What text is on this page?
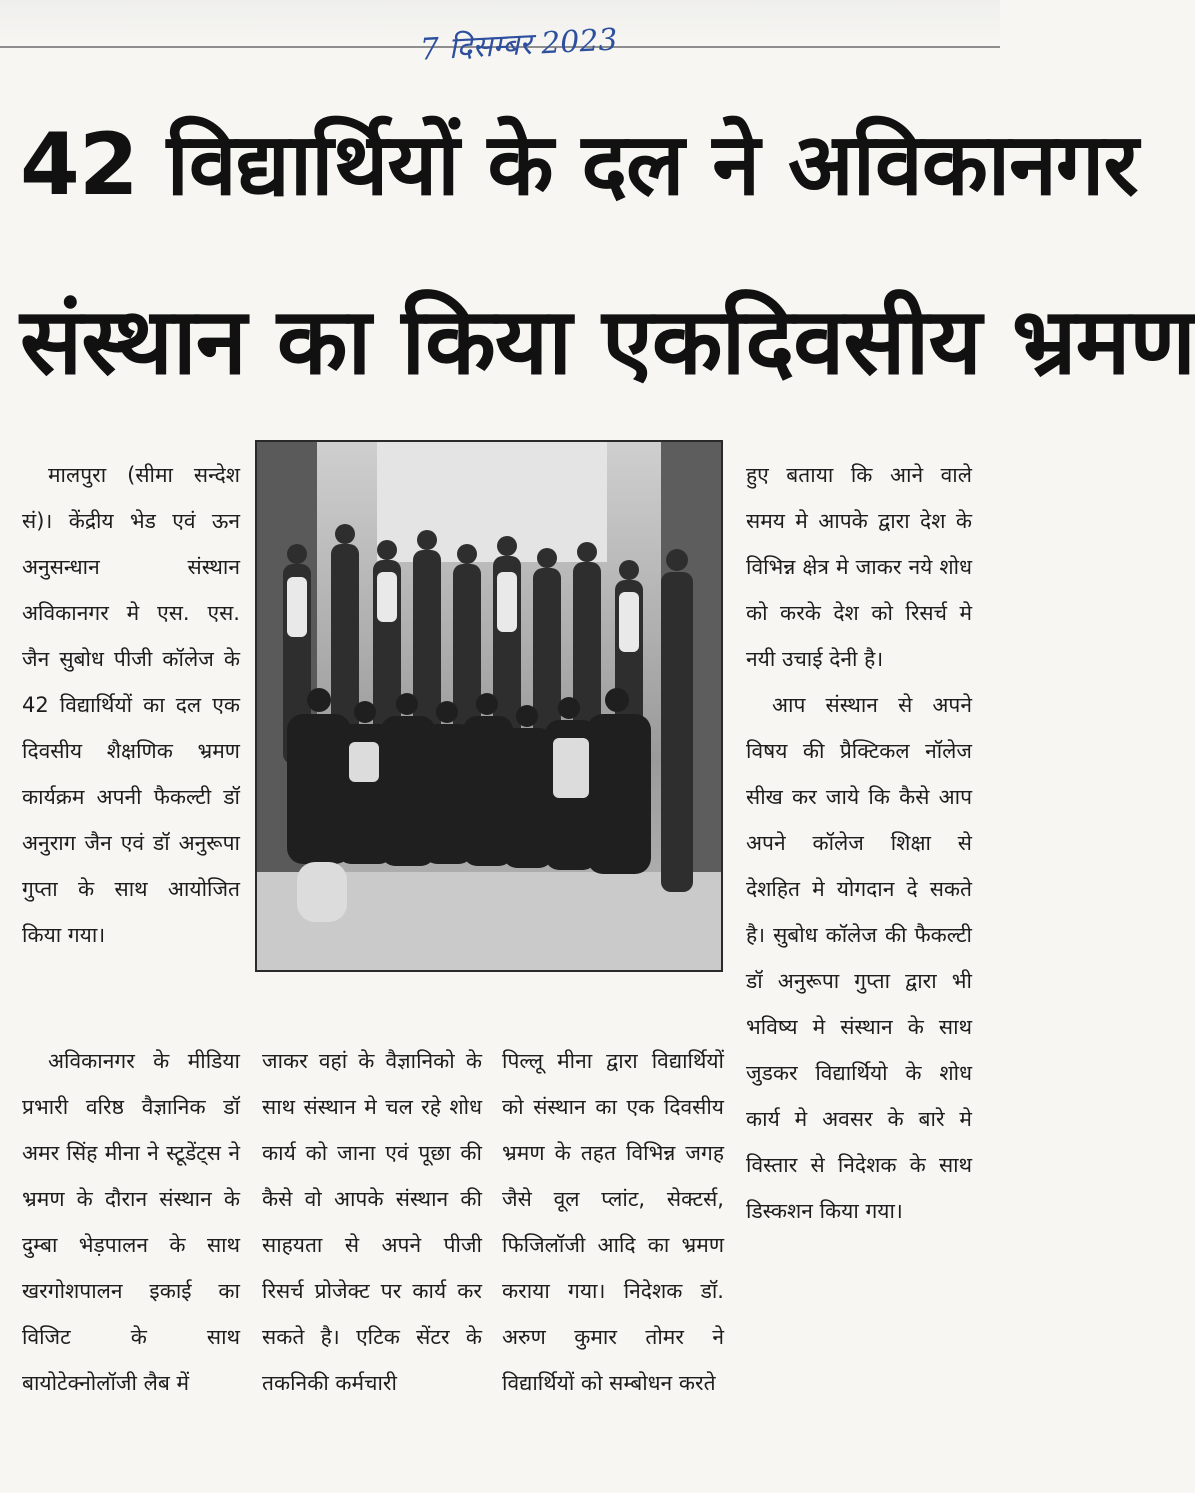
7 दिसम्बर 2023
42 विद्यार्थियों के दल ने अविकानगर
संस्थान का किया एकदिवसीय भ्रमण

मालपुरा (सीमा सन्देश सं)। केंद्रीय भेड एवं ऊन अनुसन्धान संस्थान अविकानगर मे एस. एस. जैन सुबोध पीजी कॉलेज के 42 विद्यार्थियों का दल एक दिवसीय शैक्षणिक भ्रमण कार्यक्रम अपनी फैकल्टी डॉ अनुराग जैन एवं डॉ अनुरूपा गुप्ता के साथ आयोजित किया गया।

हुए बताया कि आने वाले समय मे आपके द्वारा देश के विभिन्न क्षेत्र मे जाकर नये शोध को करके देश को रिसर्च मे नयी उचाई देनी है।

आप संस्थान से अपने विषय की प्रैक्टिकल नॉलेज सीख कर जाये कि कैसे आप अपने कॉलेज शिक्षा से देशहित मे योगदान दे सकते है। सुबोध कॉलेज की फैकल्टी डॉ अनुरूपा गुप्ता द्वारा भी भविष्य मे संस्थान के साथ जुडकर विद्यार्थियो के शोध कार्य मे अवसर के बारे मे विस्तार से निदेशक के साथ डिस्कशन किया गया।

अविकानगर के मीडिया प्रभारी वरिष्ठ वैज्ञानिक डॉ अमर सिंह मीना ने स्टूडेंट्स ने भ्रमण के दौरान संस्थान के दुम्बा भेड़पालन के साथ खरगोशपालन इकाई का विजिट के साथ बायोटेक्नोलॉजी लैब में

जाकर वहां के वैज्ञानिको के साथ संस्थान मे चल रहे शोध कार्य को जाना एवं पूछा की कैसे वो आपके संस्थान की साहयता से अपने पीजी रिसर्च प्रोजेक्ट पर कार्य कर सकते है। एटिक सेंटर के तकनिकी कर्मचारी

पिल्लू मीना द्वारा विद्यार्थियों को संस्थान का एक दिवसीय भ्रमण के तहत विभिन्न जगह जैसे वूल प्लांट, सेक्टर्स, फिजिलॉजी आदि का भ्रमण कराया गया। निदेशक डॉ. अरुण कुमार तोमर ने विद्यार्थियों को सम्बोधन करते
